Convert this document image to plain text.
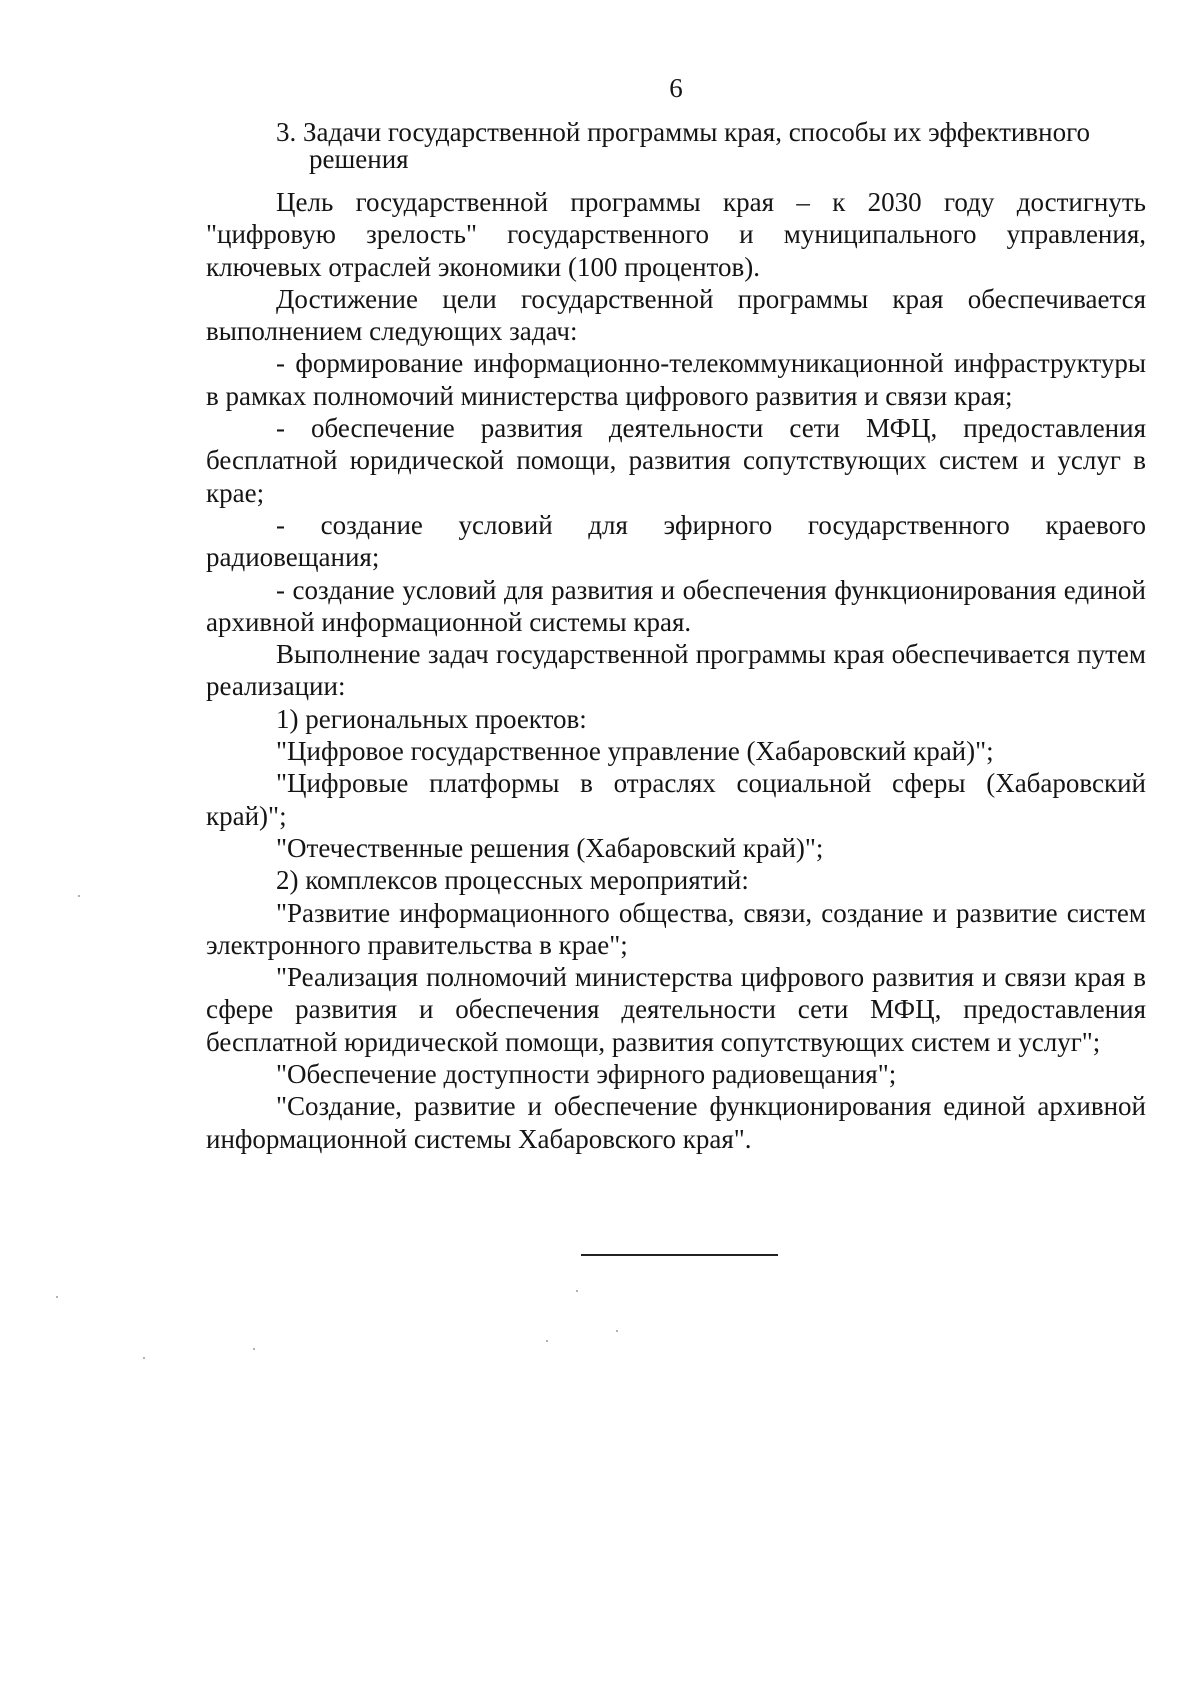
6
3. Задачи государственной программы края, способы их эффективного
решения

Цель государственной программы края – к 2030 году достигнуть "цифровую зрелость" государственного и муниципального управления, ключевых отраслей экономики (100 процентов).

Достижение цели государственной программы края обеспечивается выполнением следующих задач:

- формирование информационно-телекоммуникационной инфраструктуры в рамках полномочий министерства цифрового развития и связи края;

- обеспечение развития деятельности сети МФЦ, предоставления бесплатной юридической помощи, развития сопутствующих систем и услуг в крае;

- создание условий для эфирного государственного краевого радиовещания;

- создание условий для развития и обеспечения функционирования единой архивной информационной системы края.

Выполнение задач государственной программы края обеспечивается путем реализации:

1) региональных проектов:

"Цифровое государственное управление (Хабаровский край)";

"Цифровые платформы в отраслях социальной сферы (Хабаровский край)";

"Отечественные решения (Хабаровский край)";

2) комплексов процессных мероприятий:

"Развитие информационного общества, связи, создание и развитие систем электронного правительства в крае";

"Реализация полномочий министерства цифрового развития и связи края в сфере развития и обеспечения деятельности сети МФЦ, предоставления бесплатной юридической помощи, развития сопутствующих систем и услуг";

"Обеспечение доступности эфирного радиовещания";

"Создание, развитие и обеспечение функционирования единой архивной информационной системы Хабаровского края".
